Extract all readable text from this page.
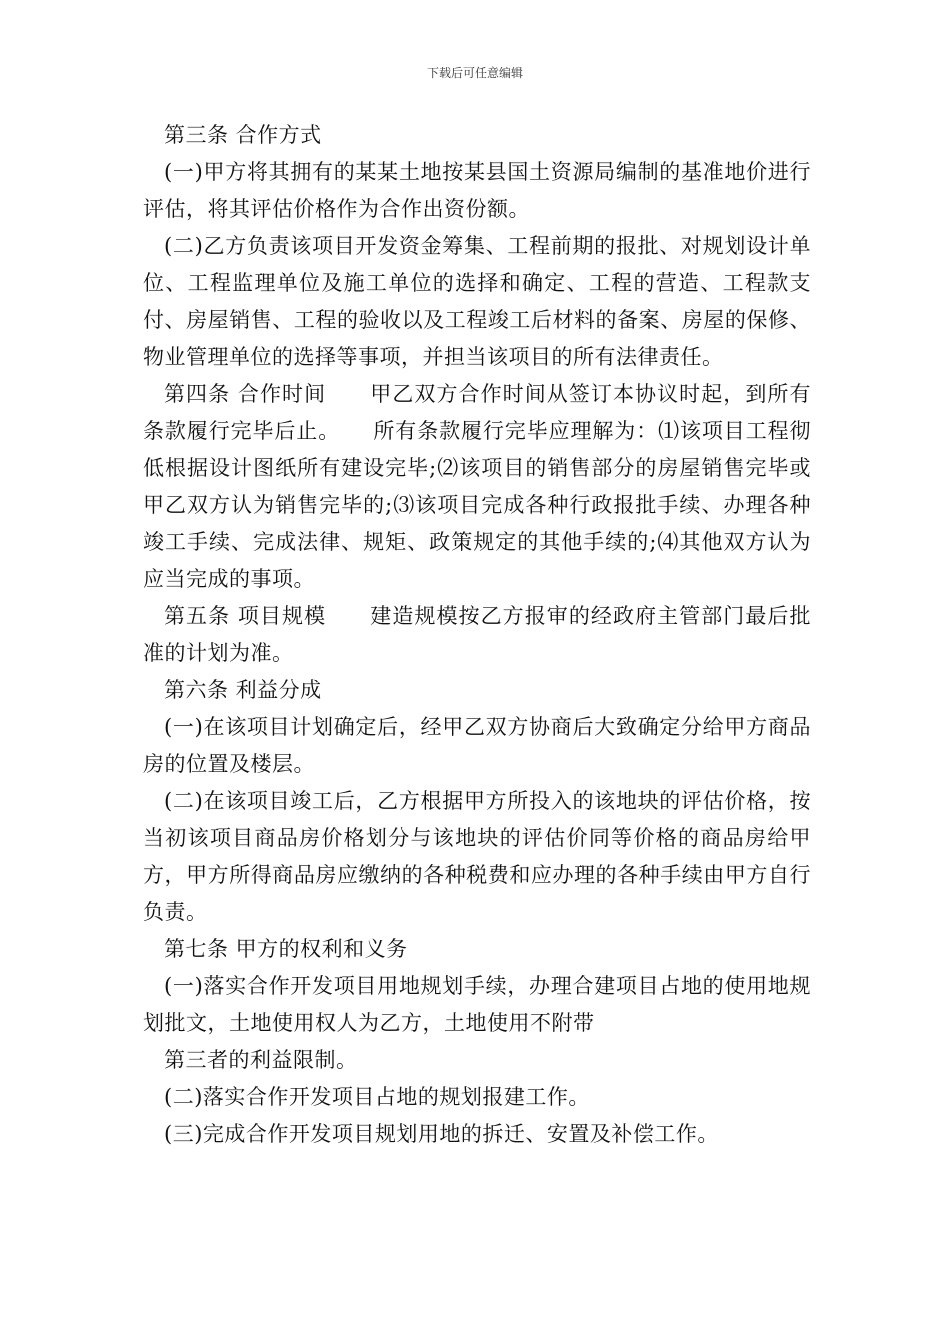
下载后可任意编辑

第三条 合作方式

(一)甲方将其拥有的某某土地按某县国土资源局编制的基准地价进行评估，将其评估价格作为合作出资份额。

(二)乙方负责该项目开发资金筹集、工程前期的报批、对规划设计单位、工程监理单位及施工单位的选择和确定、工程的营造、工程款支付、房屋销售、工程的验收以及工程竣工后材料的备案、房屋的保修、物业管理单位的选择等事项，并担当该项目的所有法律责任。

第四条 合作时间　　甲乙双方合作时间从签订本协议时起，到所有条款履行完毕后止。　　所有条款履行完毕应理解为：⑴该项目工程彻低根据设计图纸所有建设完毕;⑵该项目的销售部分的房屋销售完毕或甲乙双方认为销售完毕的;⑶该项目完成各种行政报批手续、办理各种竣工手续、完成法律、规矩、政策规定的其他手续的;⑷其他双方认为应当完成的事项。

第五条 项目规模　　建造规模按乙方报审的经政府主管部门最后批准的计划为准。

第六条 利益分成

(一)在该项目计划确定后，经甲乙双方协商后大致确定分给甲方商品房的位置及楼层。

(二)在该项目竣工后，乙方根据甲方所投入的该地块的评估价格，按当初该项目商品房价格划分与该地块的评估价同等价格的商品房给甲方，甲方所得商品房应缴纳的各种税费和应办理的各种手续由甲方自行负责。

第七条 甲方的权利和义务

(一)落实合作开发项目用地规划手续，办理合建项目占地的使用地规划批文，土地使用权人为乙方，土地使用不附带

第三者的利益限制。

(二)落实合作开发项目占地的规划报建工作。

(三)完成合作开发项目规划用地的拆迁、安置及补偿工作。
